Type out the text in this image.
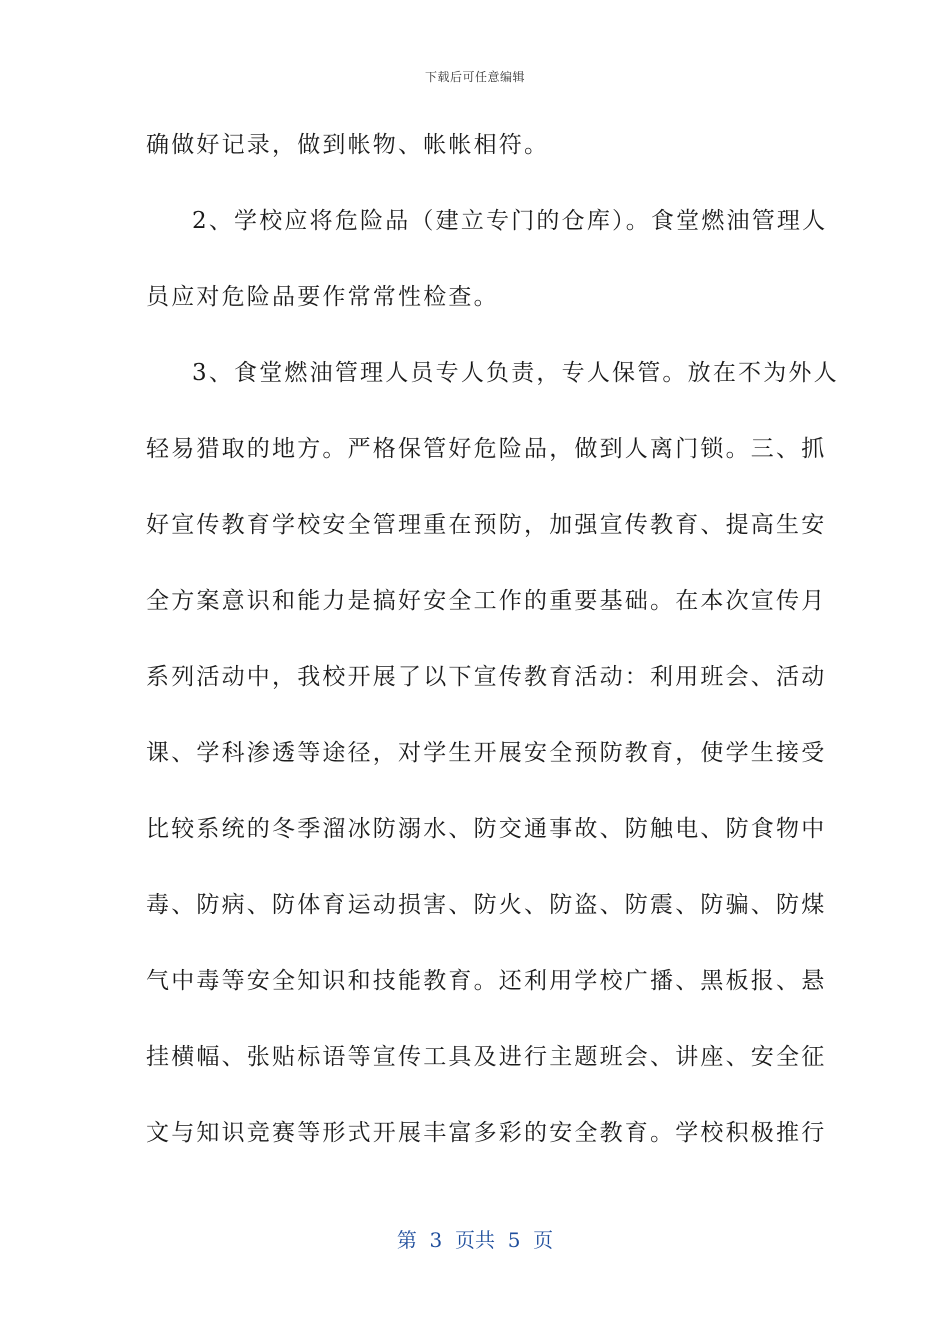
下载后可任意编辑
确做好记录，做到帐物、帐帐相符。
2、学校应将危险品（建立专门的仓库）。食堂燃油管理人
员应对危险品要作常常性检查。
3、食堂燃油管理人员专人负责，专人保管。放在不为外人
轻易猎取的地方。严格保管好危险品，做到人离门锁。三、抓
好宣传教育学校安全管理重在预防，加强宣传教育、提高生安
全方案意识和能力是搞好安全工作的重要基础。在本次宣传月
系列活动中，我校开展了以下宣传教育活动：利用班会、活动
课、学科渗透等途径，对学生开展安全预防教育，使学生接受
比较系统的冬季溜冰防溺水、防交通事故、防触电、防食物中
毒、防病、防体育运动损害、防火、防盗、防震、防骗、防煤
气中毒等安全知识和技能教育。还利用学校广播、黑板报、悬
挂横幅、张贴标语等宣传工具及进行主题班会、讲座、安全征
文与知识竞赛等形式开展丰富多彩的安全教育。学校积极推行
第  3  页共  5  页
